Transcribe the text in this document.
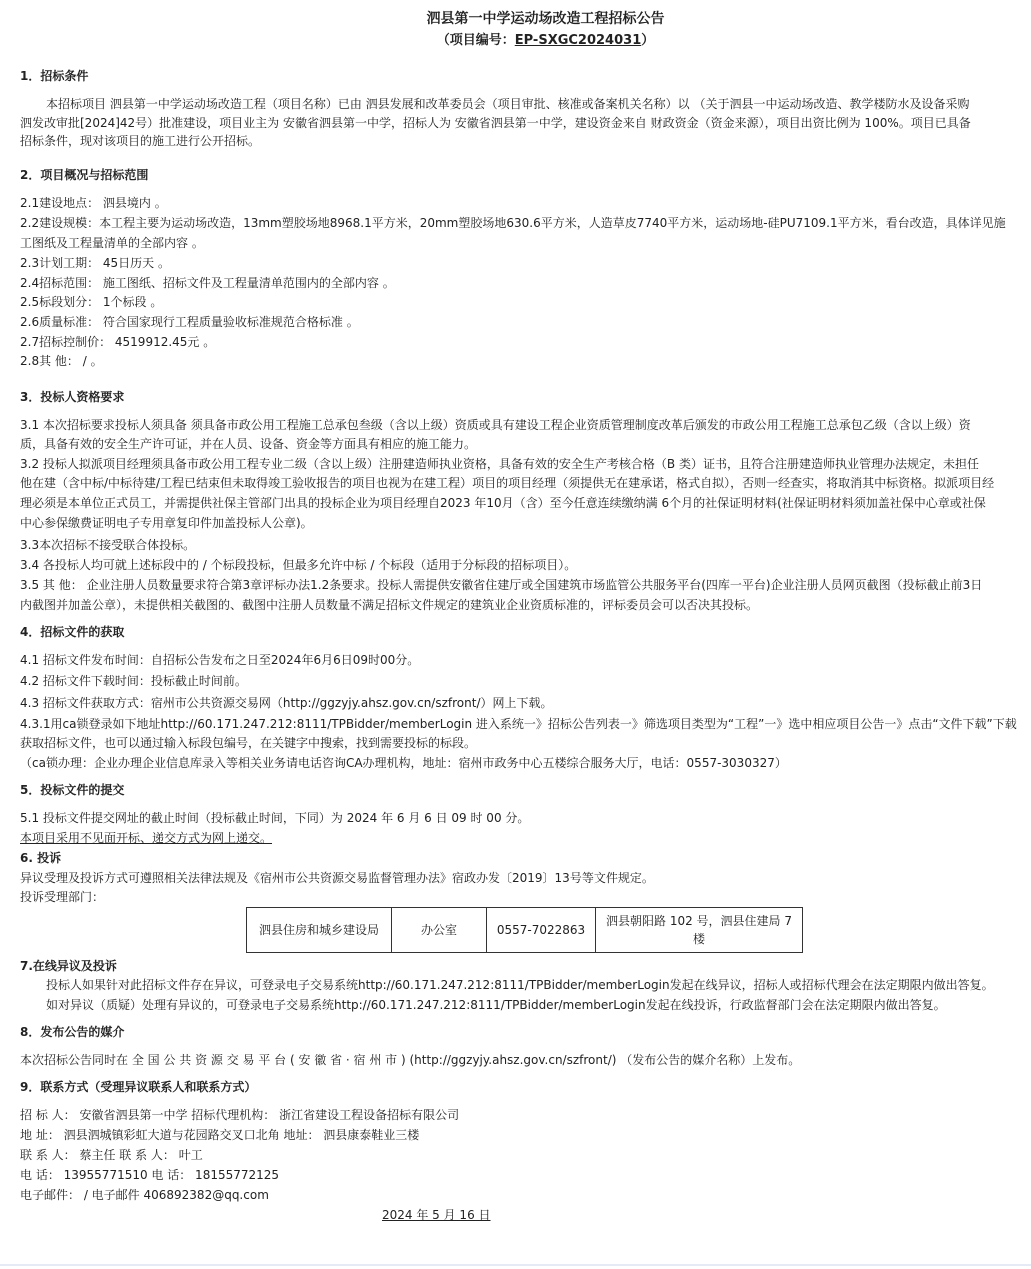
泗县第一中学运动场改造工程招标公告
（项目编号：EP-SXGC2024031）
1．招标条件
本招标项目 泗县第一中学运动场改造工程（项目名称）已由 泗县发展和改革委员会（项目审批、核准或备案机关名称）以 （关于泗县一中运动场改造、教学楼防水及设备采购
泗发改审批[2024]42号）批准建设，项目业主为 安徽省泗县第一中学，招标人为 安徽省泗县第一中学，建设资金来自 财政资金（资金来源），项目出资比例为 100%。项目已具备
招标条件，现对该项目的施工进行公开招标。
2．项目概况与招标范围
2.1建设地点： 泗县境内 。
2.2建设规模：本工程主要为运动场改造，13mm塑胶场地8968.1平方米，20mm塑胶场地630.6平方米，人造草皮7740平方米，运动场地-硅PU7109.1平方米，看台改造，具体详见施
工图纸及工程量清单的全部内容 。
2.3计划工期： 45日历天 。
2.4招标范围： 施工图纸、招标文件及工程量清单范围内的全部内容 。
2.5标段划分： 1个标段 。
2.6质量标准： 符合国家现行工程质量验收标准规范合格标准 。
2.7招标控制价： 4519912.45元 。
2.8其 他： / 。
3．投标人资格要求
3.1 本次招标要求投标人须具备 须具备市政公用工程施工总承包叁级（含以上级）资质或具有建设工程企业资质管理制度改革后颁发的市政公用工程施工总承包乙级（含以上级）资
质，具备有效的安全生产许可证，并在人员、设备、资金等方面具有相应的施工能力。
3.2 投标人拟派项目经理须具备市政公用工程专业二级（含以上级）注册建造师执业资格，具备有效的安全生产考核合格（B 类）证书，且符合注册建造师执业管理办法规定，未担任
他在建（含中标/中标待建/工程已结束但未取得竣工验收报告的项目也视为在建工程）项目的项目经理（须提供无在建承诺，格式自拟），否则一经查实，将取消其中标资格。拟派项目经
理必须是本单位正式员工，并需提供社保主管部门出具的投标企业为项目经理自2023 年10月（含）至今任意连续缴纳满 6个月的社保证明材料(社保证明材料须加盖社保中心章或社保
中心参保缴费证明电子专用章复印件加盖投标人公章)。
3.3本次招标不接受联合体投标。
3.4 各投标人均可就上述标段中的 / 个标段投标，但最多允许中标 / 个标段（适用于分标段的招标项目）。
3.5 其 他： 企业注册人员数量要求符合第3章评标办法1.2条要求。投标人需提供安徽省住建厅或全国建筑市场监管公共服务平台(四库一平台)企业注册人员网页截图（投标截止前3日
内截图并加盖公章），未提供相关截图的、截图中注册人员数量不满足招标文件规定的建筑业企业资质标准的，评标委员会可以否决其投标。
4．招标文件的获取
4.1 招标文件发布时间：自招标公告发布之日至2024年6月6日09时00分。
4.2 招标文件下载时间：投标截止时间前。
4.3 招标文件获取方式：宿州市公共资源交易网（http://ggzyjy.ahsz.gov.cn/szfront/）网上下载。
4.3.1用ca锁登录如下地址http://60.171.247.212:8111/TPBidder/memberLogin 进入系统一》招标公告列表一》筛选项目类型为“工程”一》选中相应项目公告一》点击“文件下载”下载
获取招标文件，也可以通过输入标段包编号，在关键字中搜索，找到需要投标的标段。
（ca锁办理：企业办理企业信息库录入等相关业务请电话咨询CA办理机构，地址：宿州市政务中心五楼综合服务大厅，电话：0557-3030327）
5．投标文件的提交
5.1 投标文件提交网址的截止时间（投标截止时间，下同）为 2024 年 6 月 6 日 09 时 00 分。
本项目采用不见面开标、递交方式为网上递交。
6. 投诉
异议受理及投诉方式可遵照相关法律法规及《宿州市公共资源交易监督管理办法》宿政办发〔2019〕13号等文件规定。
投诉受理部门：
泗县住房和城乡建设局	办公室	0557-7022863	泗县朝阳路 102 号，泗县住建局 7
楼
7.在线异议及投诉
投标人如果针对此招标文件存在异议，可登录电子交易系统http://60.171.247.212:8111/TPBidder/memberLogin发起在线异议，招标人或招标代理会在法定期限内做出答复。
如对异议（质疑）处理有异议的，可登录电子交易系统http://60.171.247.212:8111/TPBidder/memberLogin发起在线投诉，行政监督部门会在法定期限内做出答复。
8．发布公告的媒介
本次招标公告同时在 全 国 公 共 资 源 交 易 平 台 ( 安 徽 省 · 宿 州 市 ) (http://ggzyjy.ahsz.gov.cn/szfront/) （发布公告的媒介名称）上发布。
9．联系方式（受理异议联系人和联系方式）
招 标 人： 安徽省泗县第一中学 招标代理机构： 浙江省建设工程设备招标有限公司
地 址： 泗县泗城镇彩虹大道与花园路交叉口北角 地址： 泗县康泰鞋业三楼
联 系 人： 蔡主任 联 系 人： 叶工
电 话： 13955771510 电 话： 18155772125
电子邮件： / 电子邮件 406892382@qq.com
2024 年 5 月 16 日
